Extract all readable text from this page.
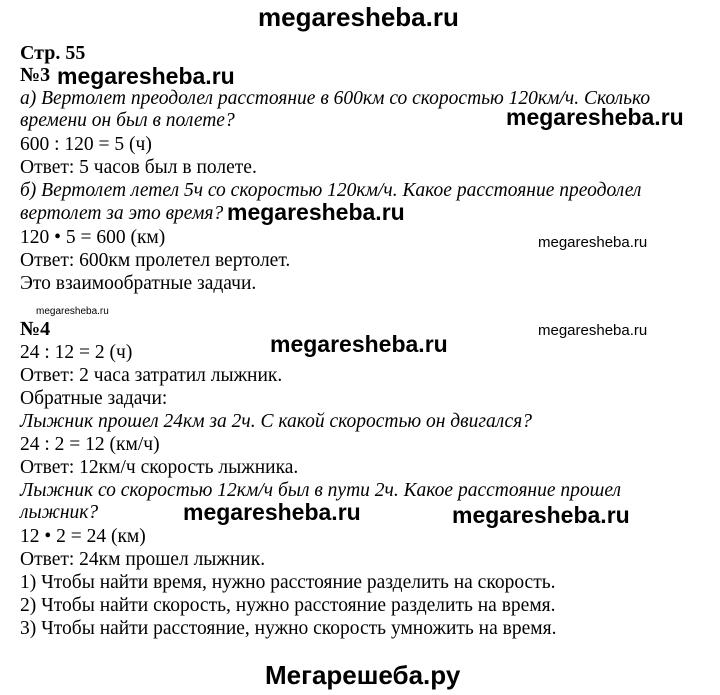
megaresheba.ru
Стр. 55
№3 megaresheba.ru
а) Вертолет преодолел расстояние в 600км со скоростью 120км/ч. Сколько
времени он был в полете?	megaresheba.ru
600 : 120 = 5 (ч)
Ответ: 5 часов был в полете.
б) Вертолет летел 5ч со скоростью 120км/ч. Какое расстояние преодолел
вертолет за это время? megaresheba.ru
120 • 5 = 600 (км)	megaresheba.ru
Ответ: 600км пролетел вертолет.
Это взаимообратные задачи.
megaresheba.ru
№4	megaresheba.ru
megaresheba.ru
24 : 12 = 2 (ч)
Ответ: 2 часа затратил лыжник.
Обратные задачи:
Лыжник прошел 24км за 2ч. С какой скоростью он двигался?
24 : 2 = 12 (км/ч)
Ответ: 12км/ч скорость лыжника.
Лыжник со скоростью 12км/ч был в пути 2ч. Какое расстояние прошел
лыжник?	megaresheba.ru	megaresheba.ru
12 • 2 = 24 (км)
Ответ: 24км прошел лыжник.
1) Чтобы найти время, нужно расстояние разделить на скорость.
2) Чтобы найти скорость, нужно расстояние разделить на время.
3) Чтобы найти расстояние, нужно скорость умножить на время.
Мегарешеба.ру
